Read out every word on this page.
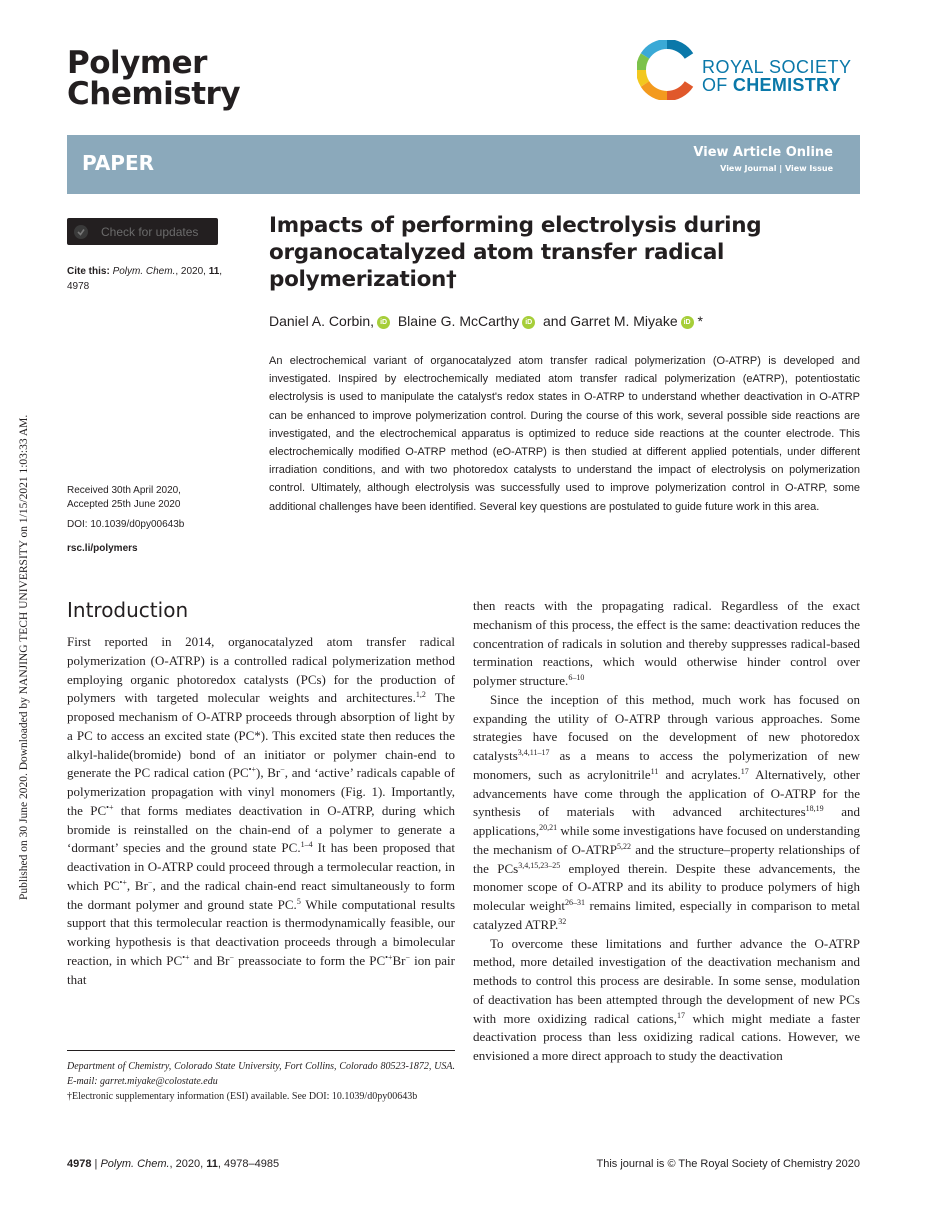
Polymer
Chemistry
ROYAL SOCIETY
OF CHEMISTRY
PAPER	View Article Online
View Journal | View Issue
Published on 30 June 2020. Downloaded by NANJING TECH UNIVERSITY on 1/15/2021 1:03:33 AM.
Check for updates
Cite this: Polym. Chem., 2020, 11, 4978
Received 30th April 2020,
Accepted 25th June 2020
DOI: 10.1039/d0py00643b
rsc.li/polymers
Impacts of performing electrolysis during organocatalyzed atom transfer radical polymerization†
Daniel A. Corbin, iD Blaine G. McCarthy iD and Garret M. Miyake iD *
An electrochemical variant of organocatalyzed atom transfer radical polymerization (O-ATRP) is developed and investigated. Inspired by electrochemically mediated atom transfer radical polymerization (eATRP), potentiostatic electrolysis is used to manipulate the catalyst's redox states in O-ATRP to understand whether deactivation in O-ATRP can be enhanced to improve polymerization control. During the course of this work, several possible side reactions are investigated, and the electrochemical apparatus is optimized to reduce side reactions at the counter electrode. This electrochemically modified O-ATRP method (eO-ATRP) is then studied at different applied potentials, under different irradiation conditions, and with two photoredox catalysts to understand the impact of electrolysis on polymerization control. Ultimately, although electrolysis was successfully used to improve polymerization control in O-ATRP, some additional challenges have been identified. Several key questions are postulated to guide future work in this area.
Introduction

First reported in 2014, organocatalyzed atom transfer radical polymerization (O-ATRP) is a controlled radical polymerization method employing organic photoredox catalysts (PCs) for the production of polymers with targeted molecular weights and architectures.$^{1,2}$ The proposed mechanism of O-ATRP proceeds through absorption of light by a PC to access an excited state (PC*). This excited state then reduces the alkyl-halide(bromide) bond of an initiator or polymer chain-end to generate the PC radical cation (PC•+), Br−, and ‘active’ radicals capable of polymerization propagation with vinyl monomers (Fig. 1). Importantly, the PC•+ that forms mediates deactivation in O-ATRP, during which bromide is reinstalled on the chain-end of a polymer to generate a ‘dormant’ species and the ground state PC.$^{1-4}$ It has been proposed that deactivation in O-ATRP could proceed through a termolecular reaction, in which PC•+, Br−, and the radical chain-end react simultaneously to form the dormant polymer and ground state PC.$^5$ While computational results support that this termolecular reaction is thermodynamically feasible, our working hypothesis is that deactivation proceeds through a bimolecular reaction, in which PC•+ and Br− preassociate to form the PC•+Br− ion pair that

Department of Chemistry, Colorado State University, Fort Collins, Colorado 80523-1872, USA. E-mail: garret.miyake@colostate.edu

†Electronic supplementary information (ESI) available. See DOI: 10.1039/d0py00643b

then reacts with the propagating radical. Regardless of the exact mechanism of this process, the effect is the same: deactivation reduces the concentration of radicals in solution and thereby suppresses radical-based termination reactions, which would otherwise hinder control over polymer structure.$^{6-10}$

Since the inception of this method, much work has focused on expanding the utility of O-ATRP through various approaches. Some strategies have focused on the development of new photoredox catalysts$^{3,4,11-17}$ as a means to access the polymerization of new monomers, such as acrylonitrile$^{11}$ and acrylates.$^{17}$ Alternatively, other advancements have come through the application of O-ATRP for the synthesis of materials with advanced architectures$^{18,19}$ and applications,$^{20,21}$ while some investigations have focused on understanding the mechanism of O-ATRP$^{5,22}$ and the structure–property relationships of the PCs$^{3,4,15,23-25}$ employed therein. Despite these advancements, the monomer scope of O-ATRP and its ability to produce polymers of high molecular weight$^{26-31}$ remains limited, especially in comparison to metal catalyzed ATRP.$^{32}$

To overcome these limitations and further advance the O-ATRP method, more detailed investigation of the deactivation mechanism and methods to control this process are desirable. In some sense, modulation of deactivation has been attempted through the development of new PCs with more oxidizing radical cations,$^{17}$ which might mediate a faster deactivation process than less oxidizing radical cations. However, we envisioned a more direct approach to study the deactivation

4978 | Polym. Chem., 2020, 11, 4978–4985	This journal is © The Royal Society of Chemistry 2020
